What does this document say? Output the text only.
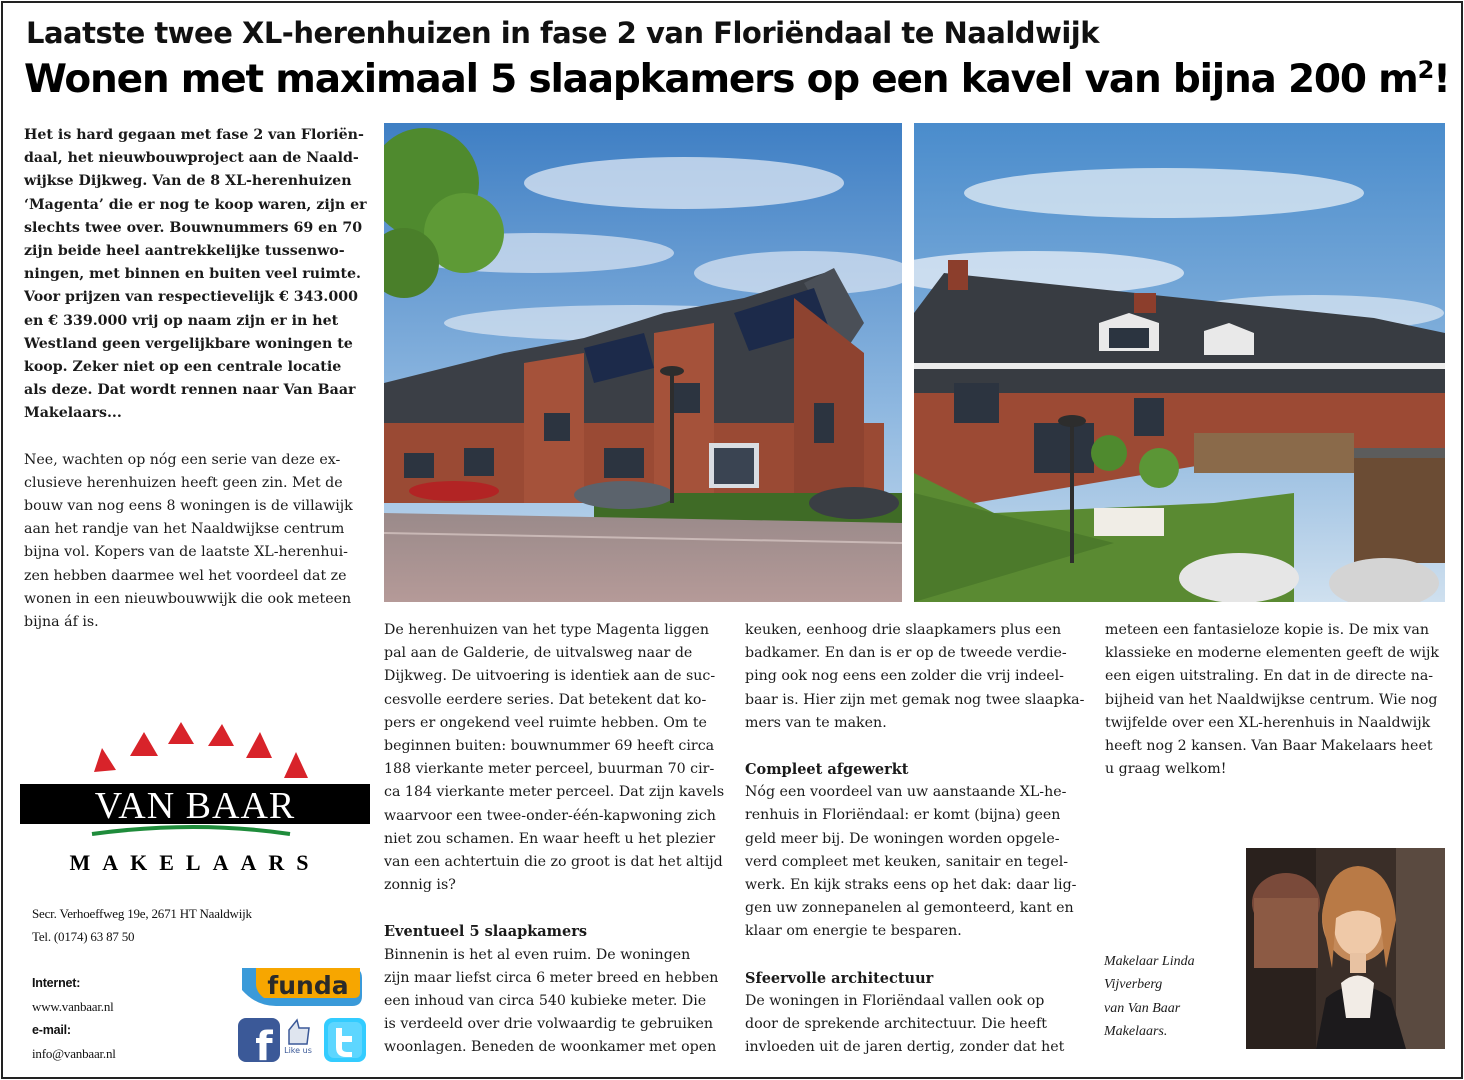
Laatste twee XL-herenhuizen in fase 2 van Floriëndaal te Naaldwijk
Wonen met maximaal 5 slaapkamers op een kavel van bijna 200 $m^2$!
Het is hard gegaan met fase 2 van Floriën-
daal, het nieuwbouwproject aan de Naald-
wijkse Dijkweg. Van de 8 XL-herenhuizen
‘Magenta’ die er nog te koop waren, zijn er
slechts twee over. Bouwnummers 69 en 70
zijn beide heel aantrekkelijke tussenwo-
ningen, met binnen en buiten veel ruimte.
Voor prijzen van respectievelijk € 343.000
en € 339.000 vrij op naam zijn er in het
Westland geen vergelijkbare woningen te
koop. Zeker niet op een centrale locatie
als deze. Dat wordt rennen naar Van Baar
Makelaars...
Nee, wachten op nóg een serie van deze ex-
clusieve herenhuizen heeft geen zin. Met de
bouw van nog eens 8 woningen is de villawijk
aan het randje van het Naaldwijkse centrum
bijna vol. Kopers van de laatste XL-herenhui-
zen hebben daarmee wel het voordeel dat ze
wonen in een nieuwbouwwijk die ook meteen
bijna áf is.	De herenhuizen van het type Magenta liggen
pal aan de Galderie, de uitvalsweg naar de
Dijkweg. De uitvoering is identiek aan de suc-
cesvolle eerdere series. Dat betekent dat ko-
pers er ongekend veel ruimte hebben. Om te
beginnen buiten: bouwnummer 69 heeft circa
188 vierkante meter perceel, buurman 70 cir-
ca 184 vierkante meter perceel. Dat zijn kavels
waarvoor een twee-onder-één-kapwoning zich
niet zou schamen. En waar heeft u het plezier
van een achtertuin die zo groot is dat het altijd
zonnig is?
Eventueel 5 slaapkamers
Binnenin is het al even ruim. De woningen
zijn maar liefst circa 6 meter breed en hebben
een inhoud van circa 540 kubieke meter. Die
is verdeeld over drie volwaardig te gebruiken
woonlagen. Beneden de woonkamer met open
keuken, eenhoog drie slaapkamers plus een
badkamer. En dan is er op de tweede verdie-
ping ook nog eens een zolder die vrij indeel-
baar is. Hier zijn met gemak nog twee slaapka-
mers van te maken.
Compleet afgewerkt
Nóg een voordeel van uw aanstaande XL-he-
renhuis in Floriëndaal: er komt (bijna) geen
geld meer bij. De woningen worden opgele-
verd compleet met keuken, sanitair en tegel-
werk. En kijk straks eens op het dak: daar lig-
gen uw zonnepanelen al gemonteerd, kant en
klaar om energie te besparen.
Sfeervolle architectuur
De woningen in Floriëndaal vallen ook op
door de sprekende architectuur. Die heeft
invloeden uit de jaren dertig, zonder dat het
meteen een fantasieloze kopie is. De mix van
klassieke en moderne elementen geeft de wijk
een eigen uitstraling. En dat in de directe na-
bijheid van het Naaldwijkse centrum. Wie nog
twijfelde over een XL-herenhuis in Naaldwijk
heeft nog 2 kansen. Van Baar Makelaars heet
u graag welkom!
Makelaar Linda
Vijverberg
van Van Baar
Makelaars.
VAN BAAR
MAKELAARS
Secr. Verhoeffweg 19e, 2671 HT Naaldwijk
Tel. (0174) 63 87 50
Internet:
www.vanbaar.nl
e-mail:
info@vanbaar.nl
funda
f Like us
